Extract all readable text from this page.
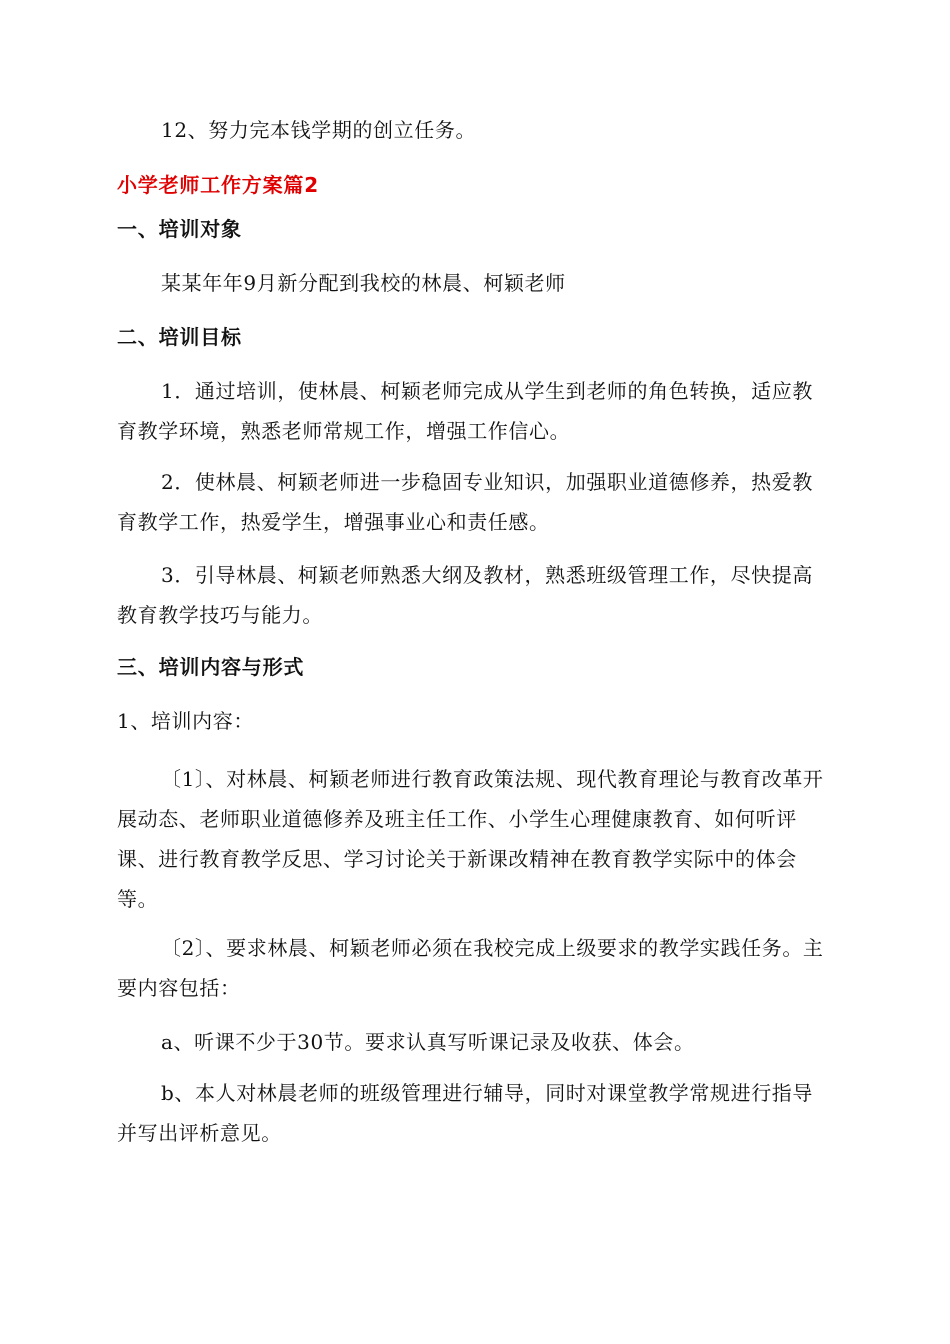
12、努力完本钱学期的创立任务。

小学老师工作方案篇2

一、培训对象

某某年年9月新分配到我校的林晨、柯颖老师

二、培训目标

1．通过培训，使林晨、柯颖老师完成从学生到老师的角色转换，适应教育教学环境，熟悉老师常规工作，增强工作信心。

2．使林晨、柯颖老师进一步稳固专业知识，加强职业道德修养，热爱教育教学工作，热爱学生，增强事业心和责任感。

3．引导林晨、柯颖老师熟悉大纲及教材，熟悉班级管理工作，尽快提高教育教学技巧与能力。

三、培训内容与形式

1、培训内容：

〔1〕、对林晨、柯颖老师进行教育政策法规、现代教育理论与教育改革开展动态、老师职业道德修养及班主任工作、小学生心理健康教育、如何听评课、进行教育教学反思、学习讨论关于新课改精神在教育教学实际中的体会等。

〔2〕、要求林晨、柯颖老师必须在我校完成上级要求的教学实践任务。主要内容包括：

a、听课不少于30节。要求认真写听课记录及收获、体会。

b、本人对林晨老师的班级管理进行辅导，同时对课堂教学常规进行指导并写出评析意见。
